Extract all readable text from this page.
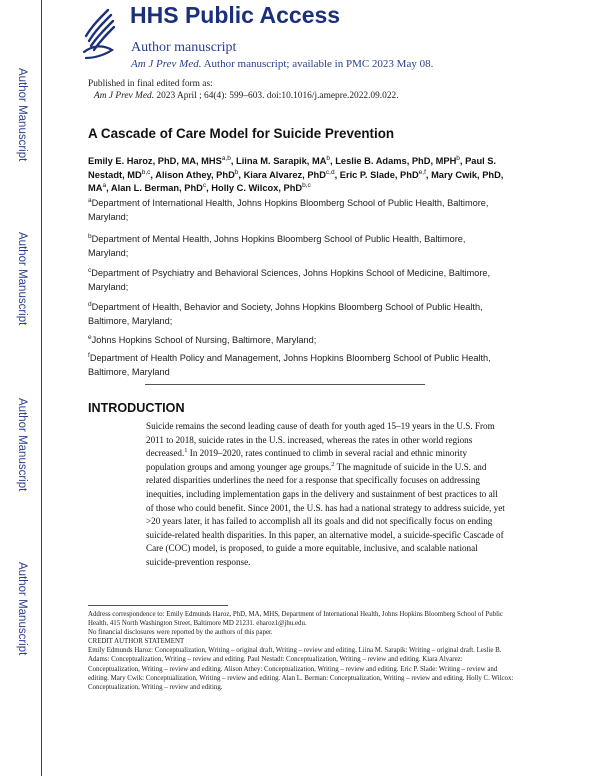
Author Manuscript
Author Manuscript
Author Manuscript
Author Manuscript
HHS Public Access
Author manuscript
Am J Prev Med. Author manuscript; available in PMC 2023 May 08.
Published in final edited form as:
Am J Prev Med. 2023 April ; 64(4): 599–603. doi:10.1016/j.amepre.2022.09.022.
A Cascade of Care Model for Suicide Prevention
Emily E. Haroz, PhD, MA, MHS$^{a,b}$, Liina M. Sarapik, $MA^b$, Leslie B. Adams, PhD, MPH$^b$, Paul S. Nestadt, MD$^{b,c}$, Alison Athey, PhD$^b$, Kiara Alvarez, PhD$^{c,d}$, Eric P. Slade, PhD$^{e,f}$, Mary Cwik, PhD, $MA^a$, Alan L. Berman, PhD$^c$, Holly C. Wilcox, PhD$^{b,c}$
$^a$Department of International Health, Johns Hopkins Bloomberg School of Public Health, Baltimore, Maryland;
$^b$Department of Mental Health, Johns Hopkins Bloomberg School of Public Health, Baltimore, Maryland;
$^c$Department of Psychiatry and Behavioral Sciences, Johns Hopkins School of Medicine, Baltimore, Maryland;
$^d$Department of Health, Behavior and Society, Johns Hopkins Bloomberg School of Public Health, Baltimore, Maryland;
$^e$Johns Hopkins School of Nursing, Baltimore, Maryland;
$^f$Department of Health Policy and Management, Johns Hopkins Bloomberg School of Public Health, Baltimore, Maryland
INTRODUCTION
Suicide remains the second leading cause of death for youth aged 15–19 years in the U.S. From 2011 to 2018, suicide rates in the U.S. increased, whereas the rates in other world regions decreased.$^1$ In 2019–2020, rates continued to climb in several racial and ethnic minority population groups and among younger age groups.$^2$ The magnitude of suicide in the U.S. and related disparities underlines the need for a response that specifically focuses on addressing inequities, including implementation gaps in the delivery and sustainment of best practices to all of those who could benefit. Since 2001, the U.S. has had a national strategy to address suicide, yet >20 years later, it has failed to accomplish all its goals and did not specifically focus on ending suicide-related health disparities. In this paper, an alternative model, a suicide-specific Cascade of Care (COC) model, is proposed, to guide a more equitable, inclusive, and scalable national suicide-prevention response.

Address correspondence to: Emily Edmunds Haroz, PhD, MA, MHS, Department of International Health, Johns Hopkins Bloomberg School of Public Health, 415 North Washington Street, Baltimore MD 21231. eharoz1@jhu.edu.

No financial disclosures were reported by the authors of this paper.

CREDIT AUTHOR STATEMENT

Emily Edmunds Haroz: Conceptualization, Writing – original draft, Writing – review and editing. Liina M. Sarapik: Writing – original draft. Leslie B. Adams: Conceptualization, Writing – review and editing. Paul Nestadt: Conceptualization, Writing – review and editing. Kiara Alvarez: Conceptualization, Writing – review and editing. Alison Athey: Conceptualization, Writing – review and editing. Eric P. Slade: Writing – review and editing. Mary Cwik: Conceptualization, Writing – review and editing. Alan L. Berman: Conceptualization, Writing – review and editing. Holly C. Wilcox: Conceptualization, Writing – review and editing.
